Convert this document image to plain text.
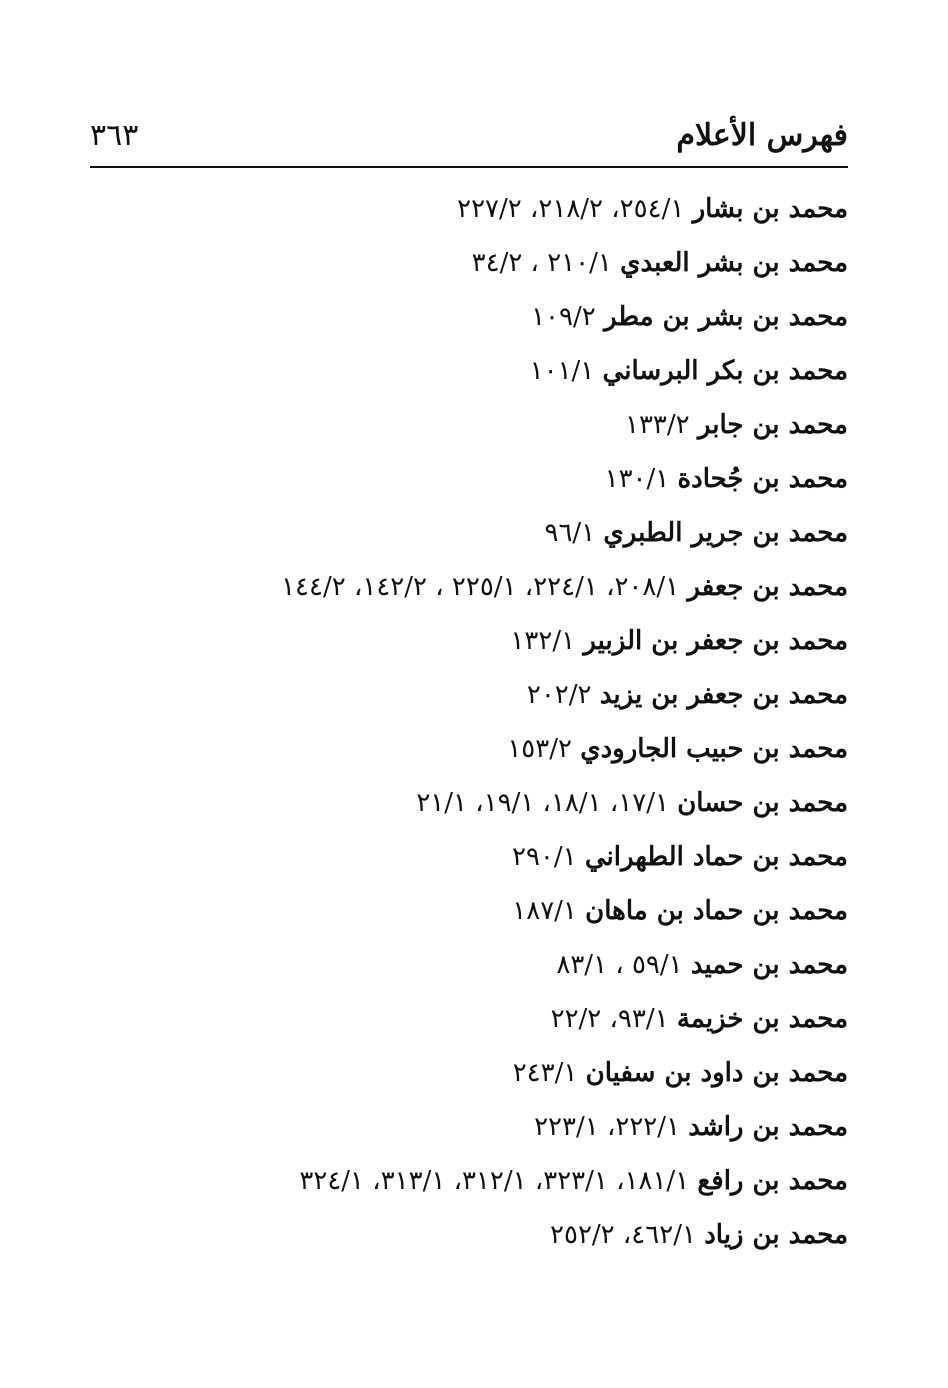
فهرس الأعلام
٣٦٣
محمد بن بشار٢٥٤/١، ٢١٨/٢، ٢٢٧/٢
محمد بن بشر العبدي٢١٠/١ ، ٣٤/٢
محمد بن بشر بن مطر١٠٩/٢
محمد بن بكر البرساني١٠١/١
محمد بن جابر١٣٣/٢
محمد بن جُحادة١٣٠/١
محمد بن جرير الطبري٩٦/١
محمد بن جعفر٢٠٨/١، ٢٢٤/١، ٢٢٥/١ ، ١٤٢/٢، ١٤٤/٢
محمد بن جعفر بن الزبير١٣٢/١
محمد بن جعفر بن يزيد٢٠٢/٢
محمد بن حبيب الجارودي١٥٣/٢
محمد بن حسان١٧/١، ١٨/١، ١٩/١، ٢١/١
محمد بن حماد الطهراني٢٩٠/١
محمد بن حماد بن ماهان١٨٧/١
محمد بن حميد٥٩/١ ، ٨٣/١
محمد بن خزيمة٩٣/١، ٢٢/٢
محمد بن داود بن سفيان٢٤٣/١
محمد بن راشد٢٢٢/١، ٢٢٣/١
محمد بن رافع١٨١/١، ٣٢٣/١، ٣١٢/١، ٣١٣/١، ٣٢٤/١
محمد بن زياد٤٦٢/١، ٢٥٢/٢
